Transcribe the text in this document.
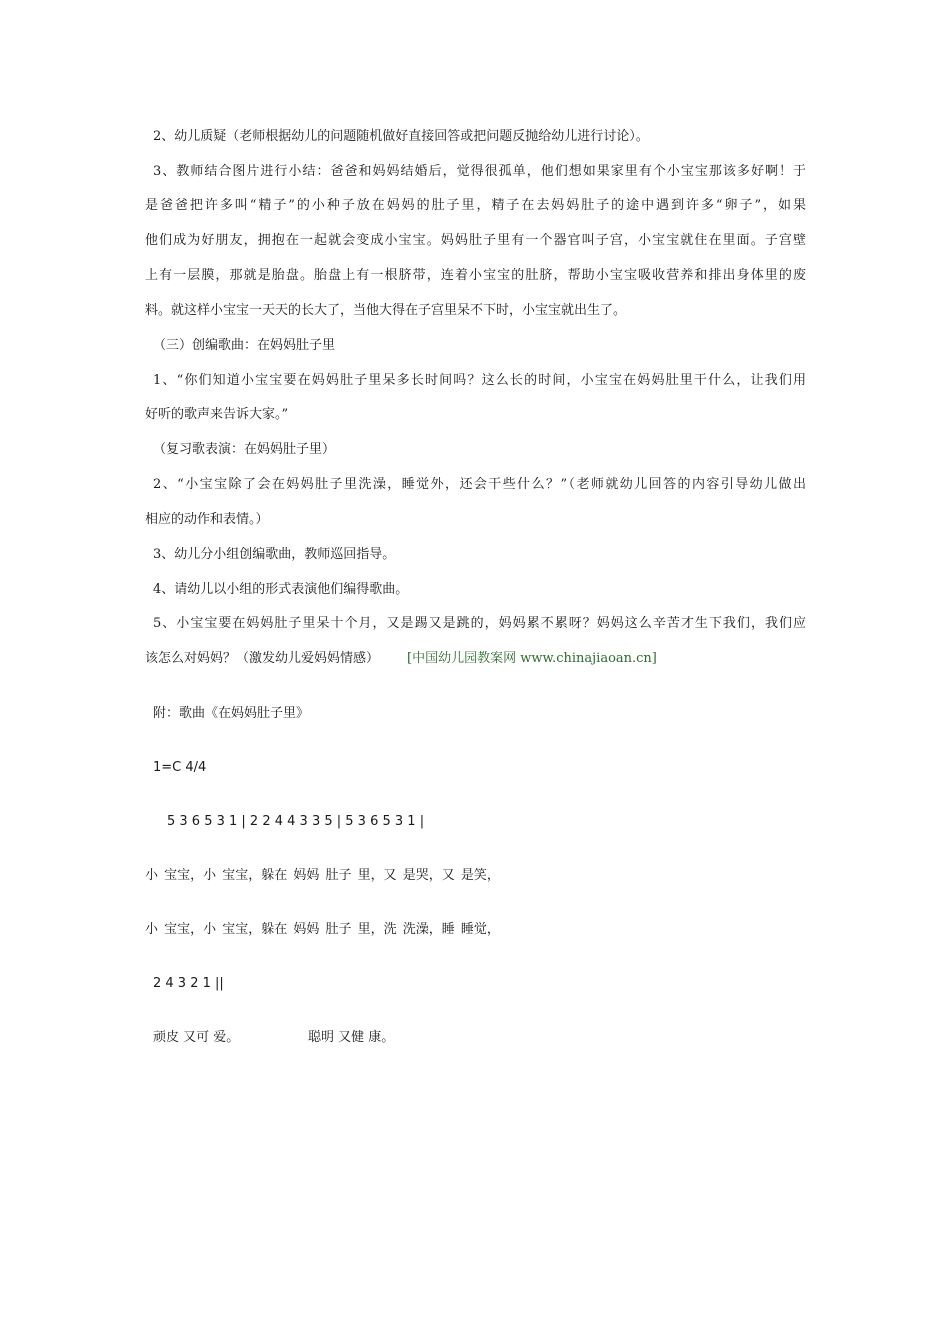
2、幼儿质疑（老师根据幼儿的问题随机做好直接回答或把问题反抛给幼儿进行讨论）。
3、教师结合图片进行小结：爸爸和妈妈结婚后，觉得很孤单，他们想如果家里有个小宝宝那该多好啊！于
是爸爸把许多叫“精子”的小种子放在妈妈的肚子里，精子在去妈妈肚子的途中遇到许多“卵子”，如果
他们成为好朋友，拥抱在一起就会变成小宝宝。妈妈肚子里有一个器官叫子宫，小宝宝就住在里面。子宫壁
上有一层膜，那就是胎盘。胎盘上有一根脐带，连着小宝宝的肚脐，帮助小宝宝吸收营养和排出身体里的废
料。就这样小宝宝一天天的长大了，当他大得在子宫里呆不下时，小宝宝就出生了。
（三）创编歌曲：在妈妈肚子里
1、“你们知道小宝宝要在妈妈肚子里呆多长时间吗？这么长的时间，小宝宝在妈妈肚里干什么，让我们用
好听的歌声来告诉大家。”
（复习歌表演：在妈妈肚子里）
2、“小宝宝除了会在妈妈肚子里洗澡，睡觉外，还会干些什么？”（老师就幼儿回答的内容引导幼儿做出
相应的动作和表情。）
3、幼儿分小组创编歌曲，教师巡回指导。
4、请幼儿以小组的形式表演他们编得歌曲。
5、小宝宝要在妈妈肚子里呆十个月，又是踢又是跳的，妈妈累不累呀？妈妈这么辛苦才生下我们，我们应
该怎么对妈妈？（激发幼儿爱妈妈情感） [中国幼儿园教案网 www.chinajiaoan.cn]
附：歌曲《在妈妈肚子里》
1=C 4/4
5 3 6 5 3 1 | 2 2 4 4 3 3 5 | 5 3 6 5 3 1 |
小 宝宝，小 宝宝，躲在 妈妈 肚子 里，又 是哭，又 是笑，
小 宝宝，小 宝宝，躲在 妈妈 肚子 里，洗 洗澡，睡 睡觉，
2 4 3 2 1 ||
顽皮 又可 爱。	聪明 又健 康。
